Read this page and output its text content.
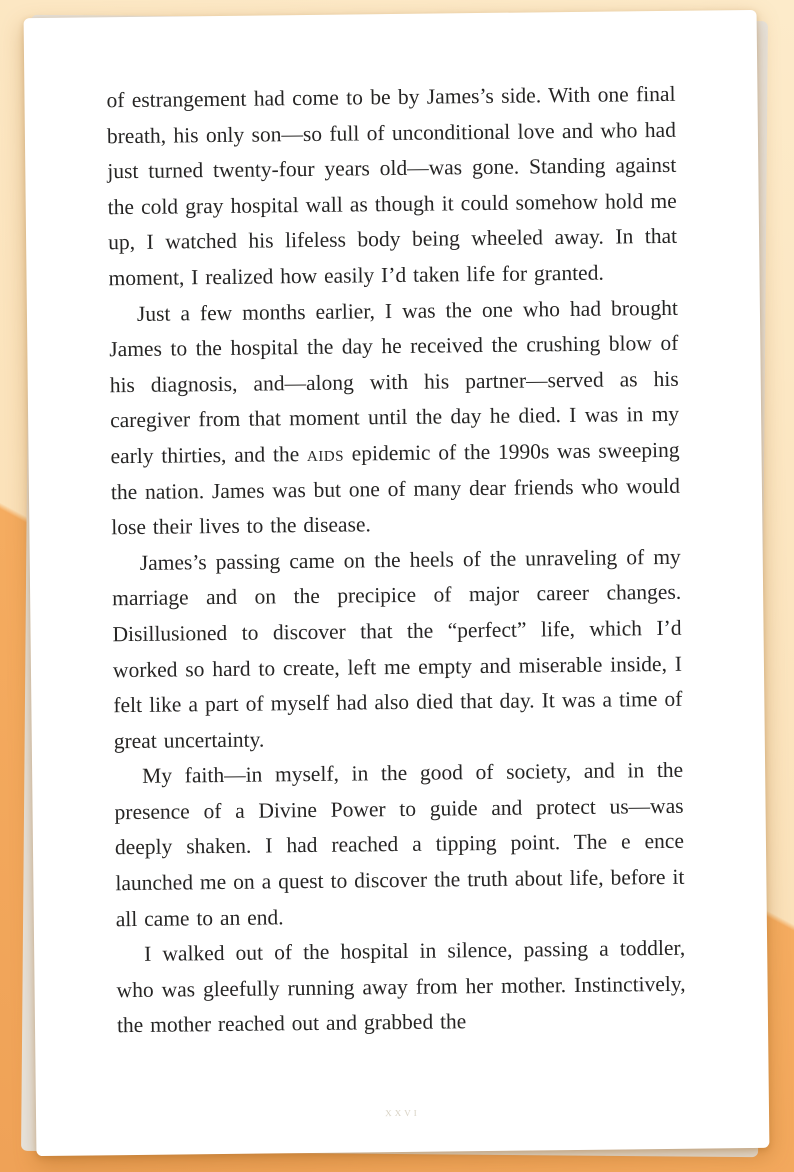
of estrangement had come to be by James’s side. With one final breath, his only son—so full of unconditional love and who had just turned twenty-four years old—was gone. Standing against the cold gray hospital wall as though it could somehow hold me up, I watched his lifeless body being wheeled away. In that moment, I realized how easily I’d taken life for granted.

Just a few months earlier, I was the one who had brought James to the hospital the day he received the crushing blow of his diagnosis, and—along with his partner—served as his caregiver from that moment until the day he died. I was in my early thirties, and the aids epidemic of the 1990s was sweeping the nation. James was but one of many dear friends who would lose their lives to the disease.

James’s passing came on the heels of the unraveling of my marriage and on the precipice of major career changes. Disillusioned to discover that the “perfect” life, which I’d worked so hard to create, left me empty and miserable inside, I felt like a part of myself had also died that day. It was a time of great uncertainty.

My faith—in myself, in the good of society, and in the presence of a Divine Power to guide and protect us—was deeply shaken. I had reached a tipping point. The e ence launched me on a quest to discover the truth about life, before it all came to an end.

I walked out of the hospital in silence, passing a toddler, who was gleefully running away from her mother. Instinctively, the mother reached out and grabbed the

xxvi
